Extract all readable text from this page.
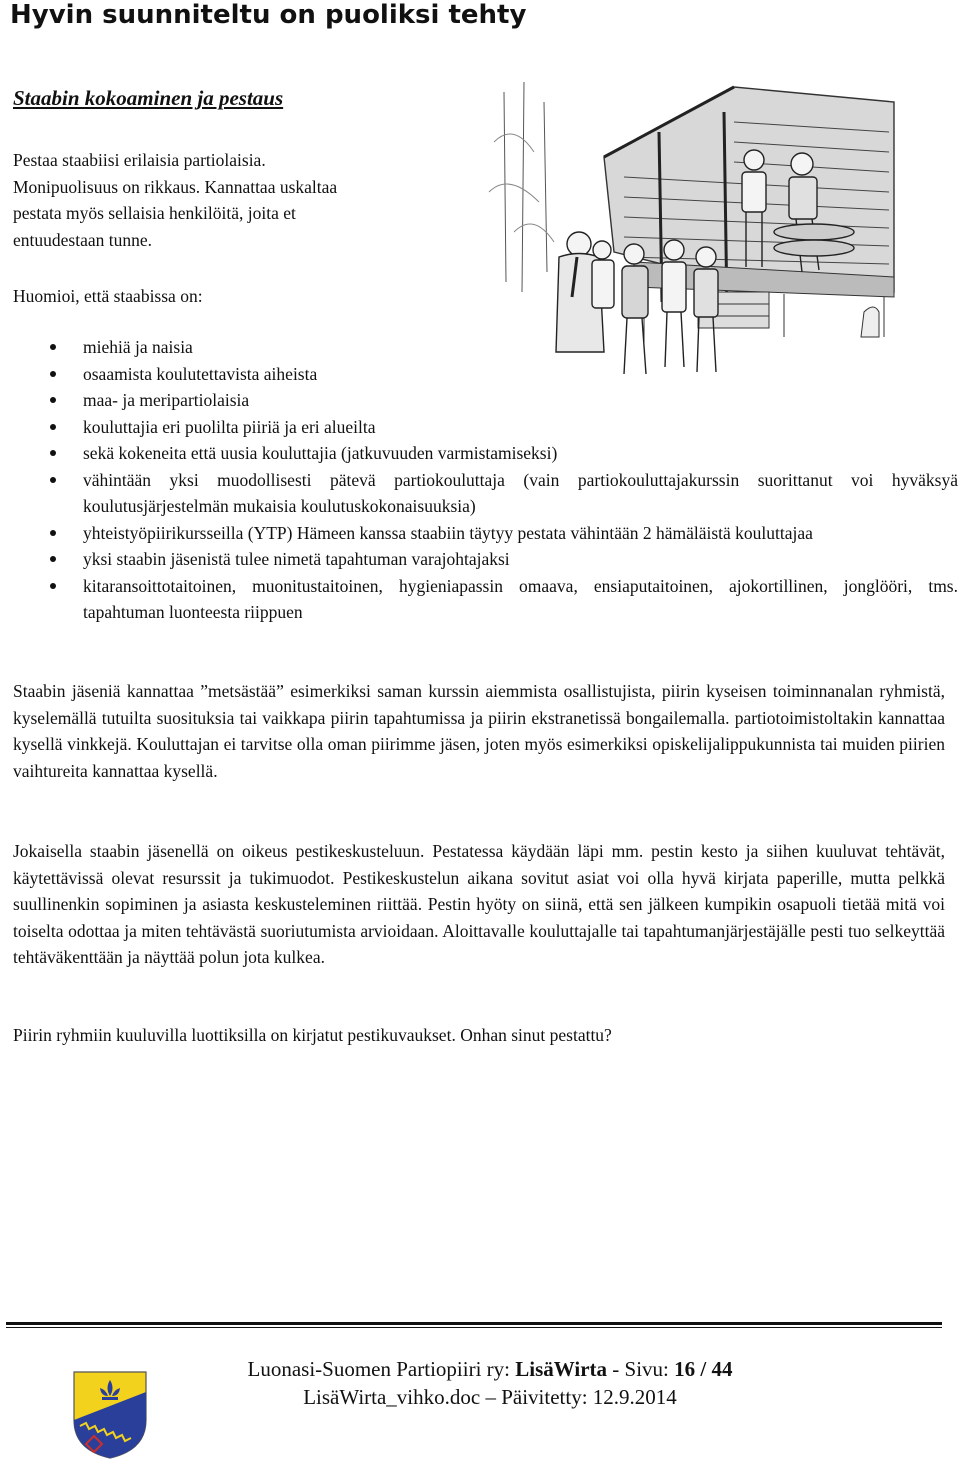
Hyvin suunniteltu on puoliksi tehty
Staabin kokoaminen ja pestaus

Pestaa staabiisi erilaisia partiolaisia.

Monipuolisuus on rikkaus. Kannattaa uskaltaa

pestata myös sellaisia henkilöitä, joita et

entuudestaan tunne.

Huomioi, että staabissa on:
miehiä ja naisia
osaamista koulutettavista aiheista
maa- ja meripartiolaisia
kouluttajia eri puolilta piiriä ja eri alueilta
sekä kokeneita että uusia kouluttajia (jatkuvuuden varmistamiseksi)
vähintään yksi muodollisesti pätevä partiokouluttaja (vain partiokouluttajakurssin suorittanut voi hyväksyä koulutusjärjestelmän mukaisia koulutuskokonaisuuksia)
yhteistyöpiirikursseilla (YTP) Hämeen kanssa staabiin täytyy pestata vähintään 2 hämäläistä kouluttajaa
yksi staabin jäsenistä tulee nimetä tapahtuman varajohtajaksi
kitaransoittotaitoinen, muonitustaitoinen, hygieniapassin omaava, ensiaputaitoinen, ajokortillinen, jonglööri, tms. tapahtuman luonteesta riippuen

Staabin jäseniä kannattaa ”metsästää” esimerkiksi saman kurssin aiemmista osallistujista, piirin kyseisen toiminnanalan ryhmistä, kyselemällä tutuilta suosituksia tai vaikkapa piirin tapahtumissa ja piirin ekstranetissä bongailemalla. partiotoimistoltakin kannattaa kysellä vinkkejä. Kouluttajan ei tarvitse olla oman piirimme jäsen, joten myös esimerkiksi opiskelijalippukunnista tai muiden piirien vaihtureita kannattaa kysellä.

Jokaisella staabin jäsenellä on oikeus pestikeskusteluun. Pestatessa käydään läpi mm. pestin kesto ja siihen kuuluvat tehtävät, käytettävissä olevat resurssit ja tukimuodot. Pestikeskustelun aikana sovitut asiat voi olla hyvä kirjata paperille, mutta pelkkä suullinenkin sopiminen ja asiasta keskusteleminen riittää. Pestin hyöty on siinä, että sen jälkeen kumpikin osapuoli tietää mitä voi toiselta odottaa ja miten tehtävästä suoriutumista arvioidaan. Aloittavalle kouluttajalle tai tapahtumanjärjestäjälle pesti tuo selkeyttää tehtäväkenttään ja näyttää polun jota kulkea.

Piirin ryhmiin kuuluvilla luottiksilla on kirjatut pestikuvaukset. Onhan sinut pestattu?

Luonasi-Suomen Partiopiiri ry: LisäWirta - Sivu: 16 / 44
LisäWirta_vihko.doc – Päivitetty: 12.9.2014
